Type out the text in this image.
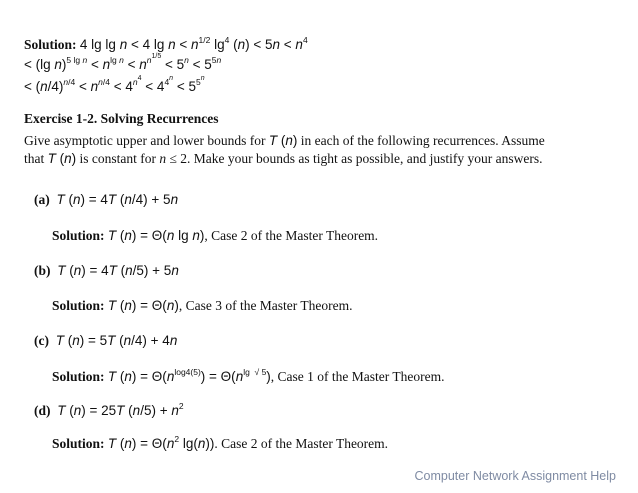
Solution: 4 lg lg n < 4 $\lg n < n^{1/2}$ $\lg^4 (n) < 5n < n^4$
< (lg $n)^{5 lg n} < n^{lg n} < n^{n^{1/5}} < 5^n < 5^{5n}$
< $(n/4)^{n/4} < n^{n/4} < 4^{n^4} < 4^{4^n} < 5^{5^n}$
Exercise 1-2. Solving Recurrences
Give asymptotic upper and lower bounds for T (n) in each of the following recurrences. Assume
that T (n) is constant for n ≤ 2. Make your bounds as tight as possible, and justify your answers.
(a) T (n) = 4T (n/4) + 5n
Solution: T (n) = Θ(n lg n), Case 2 of the Master Theorem.
(b) T (n) = 4T (n/5) + 5n
Solution: T (n) = Θ(n), Case 3 of the Master Theorem.
(c) T (n) = 5T (n/4) + 4n
Solution: T $(n) = \Theta(n^{log4(5)}) = \Theta(n^{lg √ 5})$, Case 1 of the Master Theorem.
(d) T (n) = 25T $(n/5) + n^2$
Solution: T $(n) = \Theta(n^2$ lg(n)). Case 2 of the Master Theorem.
Computer Network Assignment Help
